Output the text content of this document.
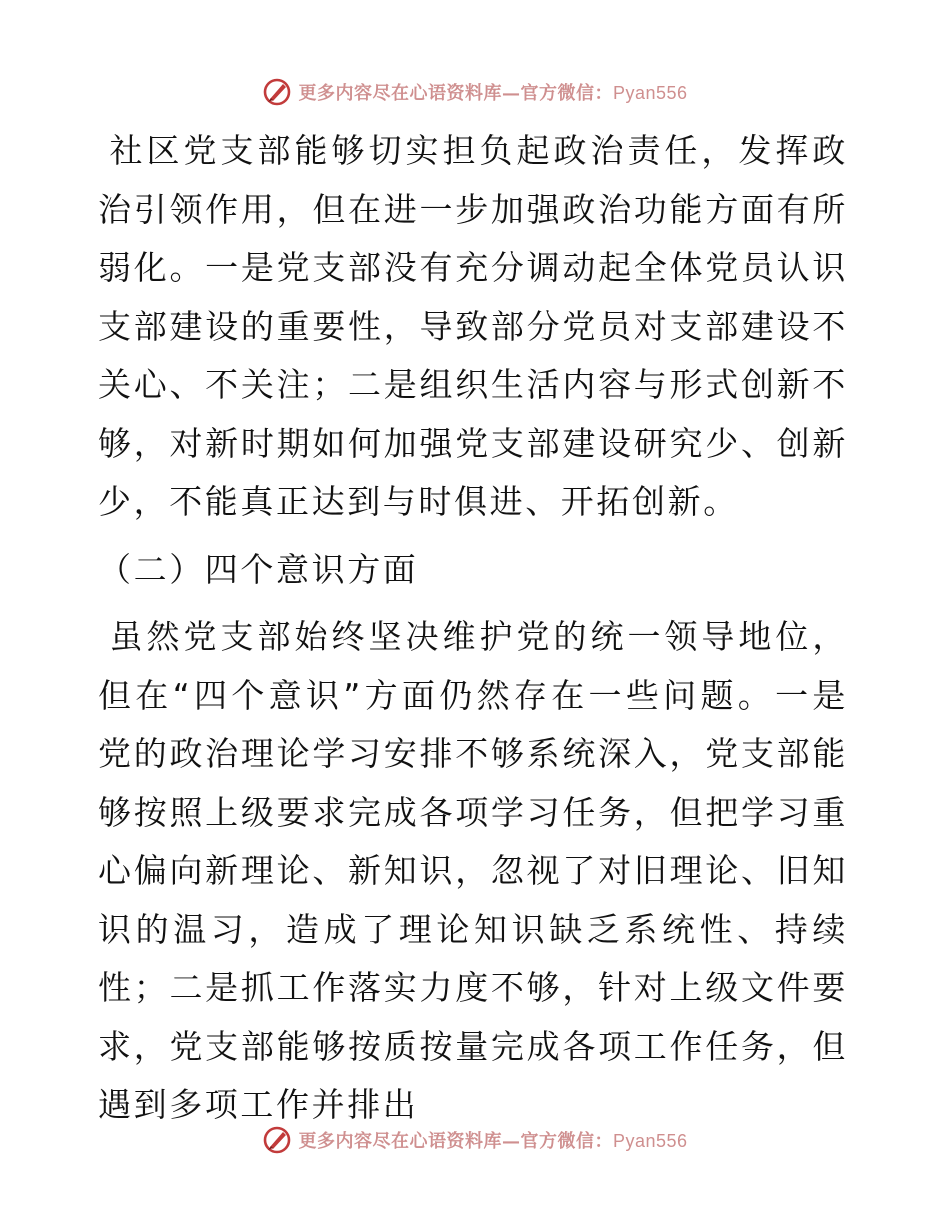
更多内容尽在心语资料库—官方微信：Pyan556

社区党支部能够切实担负起政治责任，发挥政治引领作用，但在进一步加强政治功能方面有所弱化。一是党支部没有充分调动起全体党员认识支部建设的重要性，导致部分党员对支部建设不关心、不关注；二是组织生活内容与形式创新不够，对新时期如何加强党支部建设研究少、创新少，不能真正达到与时俱进、开拓创新。

（二）四个意识方面

虽然党支部始终坚决维护党的统一领导地位，但在“四个意识”方面仍然存在一些问题。一是党的政治理论学习安排不够系统深入，党支部能够按照上级要求完成各项学习任务，但把学习重心偏向新理论、新知识，忽视了对旧理论、旧知识的温习，造成了理论知识缺乏系统性、持续性；二是抓工作落实力度不够，针对上级文件要求，党支部能够按质按量完成各项工作任务，但遇到多项工作并排出

更多内容尽在心语资料库—官方微信：Pyan556
